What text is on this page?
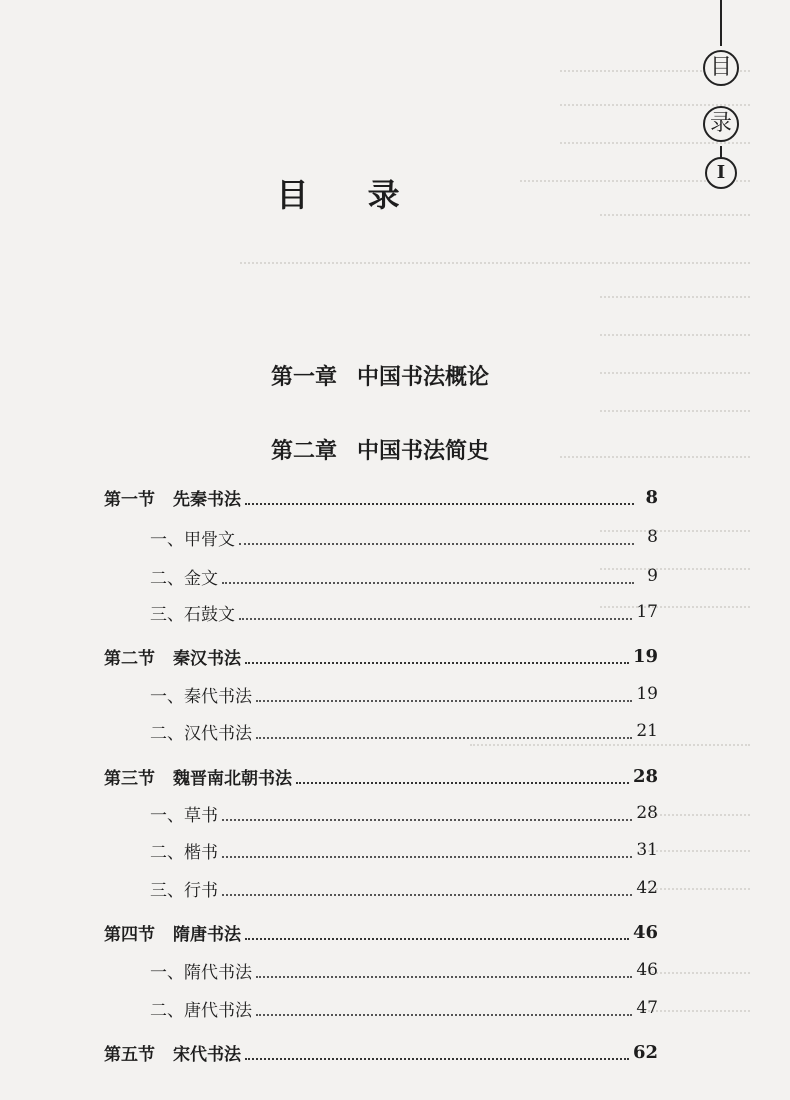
目
录
I
目 录
第一章 中国书法概论
第二章 中国书法简史
第一节 先秦书法	8
一、甲骨文	8
二、金文	9
三、石鼓文	17
第二节 秦汉书法	19
一、秦代书法	19
二、汉代书法	21
第三节 魏晋南北朝书法	28
一、草书	28
二、楷书	31
三、行书	42
第四节 隋唐书法	46
一、隋代书法	46
二、唐代书法	47
第五节 宋代书法	62
